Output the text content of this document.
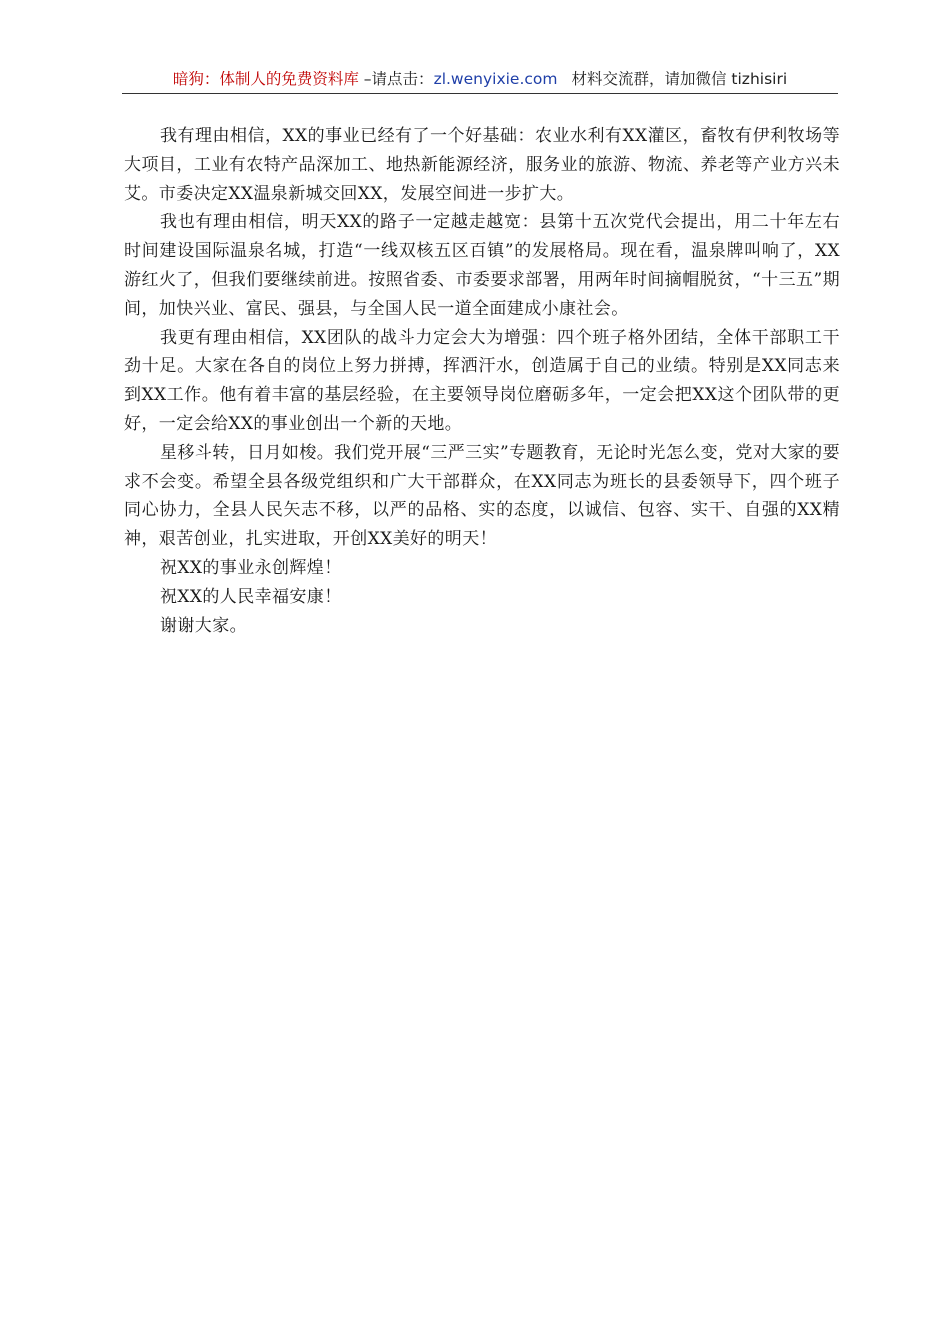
暗狗：体制人的免费资料库 –请点击：zl.wenyixie.com 材料交流群，请加微信 tizhisiri

我有理由相信，XX的事业已经有了一个好基础：农业水利有XX灌区，畜牧有伊利牧场等大项目，工业有农特产品深加工、地热新能源经济，服务业的旅游、物流、养老等产业方兴未艾。市委决定XX温泉新城交回XX，发展空间进一步扩大。

我也有理由相信，明天XX的路子一定越走越宽：县第十五次党代会提出，用二十年左右时间建设国际温泉名城，打造“一线双核五区百镇”的发展格局。现在看，温泉牌叫响了，XX游红火了，但我们要继续前进。按照省委、市委要求部署，用两年时间摘帽脱贫，“十三五”期间，加快兴业、富民、强县，与全国人民一道全面建成小康社会。

我更有理由相信，XX团队的战斗力定会大为增强：四个班子格外团结，全体干部职工干劲十足。大家在各自的岗位上努力拼搏，挥洒汗水，创造属于自己的业绩。特别是XX同志来到XX工作。他有着丰富的基层经验，在主要领导岗位磨砺多年，一定会把XX这个团队带的更好，一定会给XX的事业创出一个新的天地。

星移斗转，日月如梭。我们党开展“三严三实”专题教育，无论时光怎么变，党对大家的要求不会变。希望全县各级党组织和广大干部群众，在XX同志为班长的县委领导下，四个班子同心协力，全县人民矢志不移，以严的品格、实的态度，以诚信、包容、实干、自强的XX精神，艰苦创业，扎实进取，开创XX美好的明天！

祝XX的事业永创辉煌！

祝XX的人民幸福安康！

谢谢大家。
